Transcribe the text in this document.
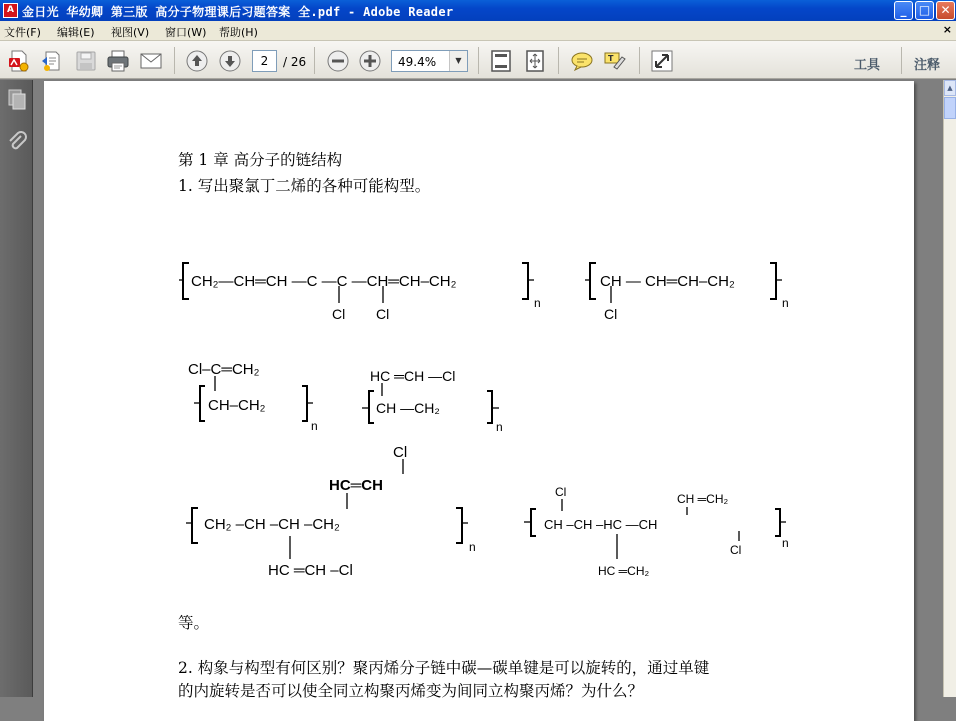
A 金日光 华幼卿 第三版 高分子物理课后习题答案 全.pdf - Adobe Reader	_	□ ✕
文件(F) 编辑(E) 视图(V) 窗口(W) 帮助(H)	×
2
/ 26	49.4%	▼	T	工具	注释
第 1 章 高分子的链结构
1. 写出聚氯丁二烯的各种可能构型。
CH₂—CH═CH —C —C —CH═CH–CH₂
Cl Cl
n
CH — CH═CH–CH₂
Cl
n
Cl–C═CH₂
CH–CH₂
n
HC ═CH —Cl
CH —CH₂
n
Cl
HC═CH
CH₂ –CH –CH –CH₂
HC ═CH –Cl
n
Cl	CH ═CH₂
CH –CH –HC —CH
Cl
HC ═CH₂
n
等。
2. 构象与构型有何区别？聚丙烯分子链中碳—碳单键是可以旋转的，通过单键
的内旋转是否可以使全同立构聚丙烯变为间同立构聚丙烯？为什么？
▲
